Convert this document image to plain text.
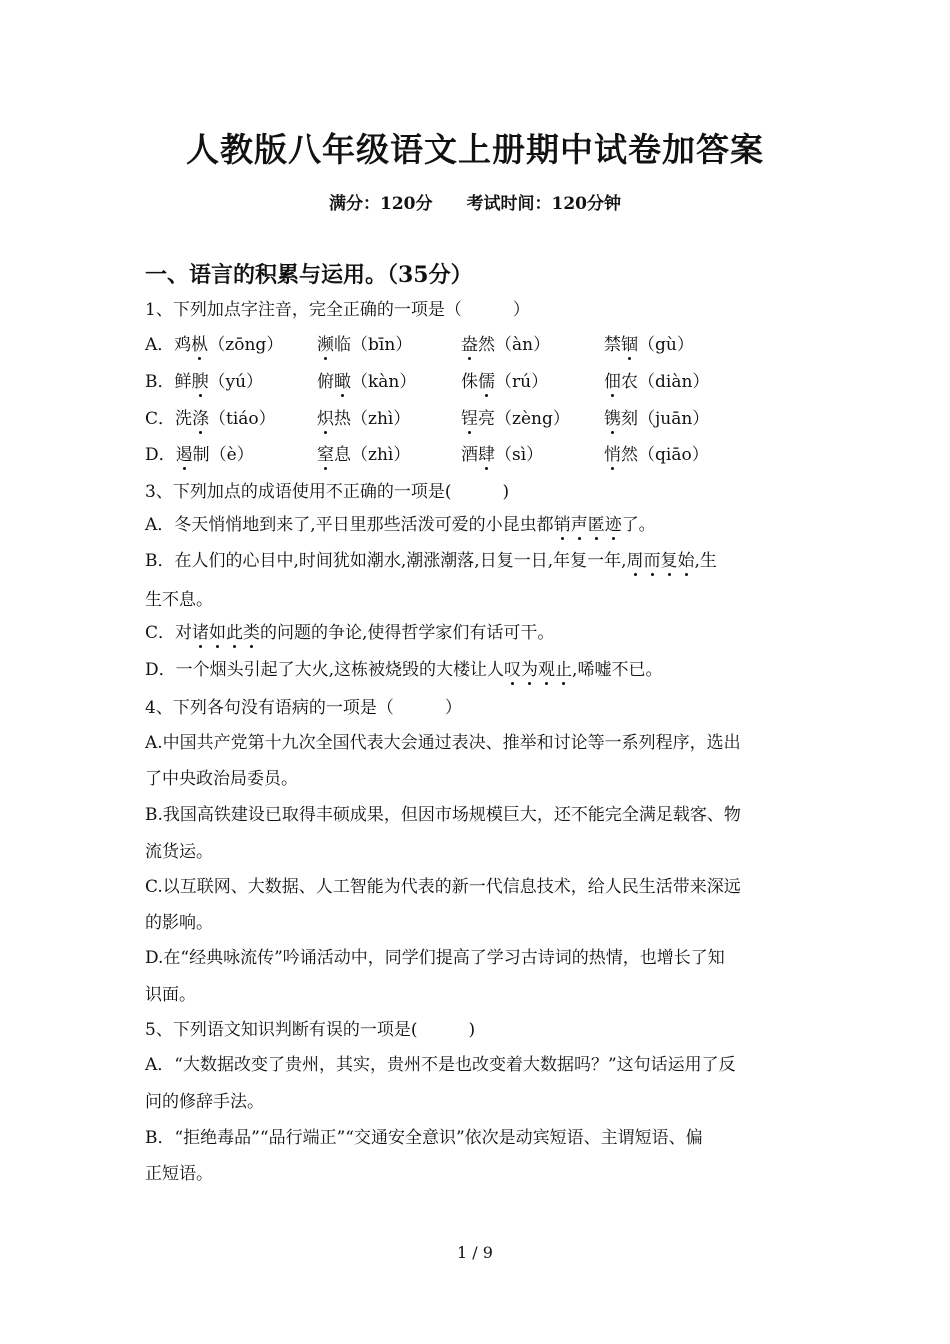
人教版八年级语文上册期中试卷加答案
满分：120分　　考试时间：120分钟
一、语言的积累与运用。（35分）
1、下列加点字注音，完全正确的一项是（　　　）
A．鸡枞（zōng） 濒临（bīn）	盎然（àn）	禁锢（gù）
B．鲜腴（yú）	俯瞰（kàn）	侏儒（rú）	佃农（diàn）
C．洗涤（tiáo） 炽热（zhì）	锃亮（zèng） 镌刻（juān）
D．遏制（è）	窒息（zhì）	酒肆（sì）	悄然（qiāo）
3、下列加点的成语使用不正确的一项是(　　　)
A．冬天悄悄地到来了,平日里那些活泼可爱的小昆虫都销声匿迹了。
B．在人们的心目中,时间犹如潮水,潮涨潮落,日复一日,年复一年,周而复始,生
生不息。
C．对诸如此类的问题的争论,使得哲学家们有话可干。
D．一个烟头引起了大火,这栋被烧毁的大楼让人叹为观止,唏嘘不已。
4、下列各句没有语病的一项是（　　　）
A.中国共产党第十九次全国代表大会通过表决、推举和讨论等一系列程序，选出
了中央政治局委员。
B.我国高铁建设已取得丰硕成果，但因市场规模巨大，还不能完全满足载客、物
流货运。
C.以互联网、大数据、人工智能为代表的新一代信息技术，给人民生活带来深远
的影响。
D.在“经典咏流传”吟诵活动中，同学们提高了学习古诗词的热情，也增长了知
识面。
5、下列语文知识判断有误的一项是(　　　)
A．“大数据改变了贵州，其实，贵州不是也改变着大数据吗？”这句话运用了反
问的修辞手法。
B．“拒绝毒品”“品行端正”“交通安全意识”依次是动宾短语、主谓短语、偏
正短语。
1 / 9
